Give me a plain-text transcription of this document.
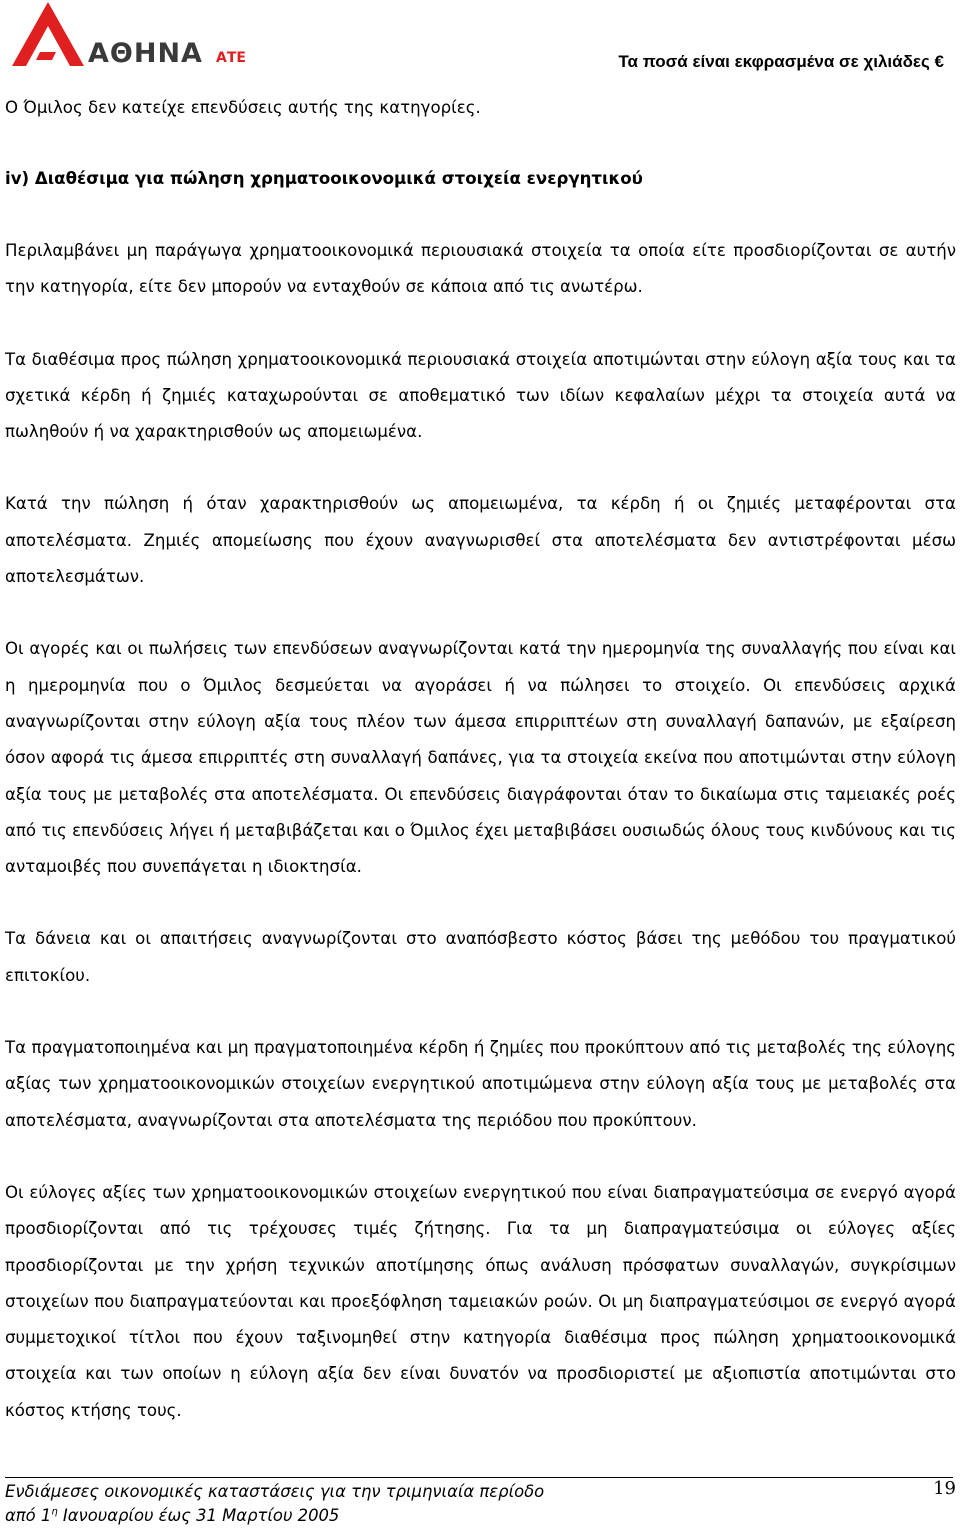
ΑΘΗΝΑ ΑΤΕ	Τα ποσά είναι εκφρασμένα σε χιλιάδες €

Ο Όμιλος δεν κατείχε επενδύσεις αυτής της κατηγορίες.

iv) Διαθέσιμα για πώληση χρηματοοικονομικά στοιχεία ενεργητικού

Περιλαμβάνει μη παράγωγα χρηματοοικονομικά περιουσιακά στοιχεία τα οποία είτε προσδιορίζονται σε αυτήν την κατηγορία, είτε δεν μπορούν να ενταχθούν σε κάποια από τις ανωτέρω.

Τα διαθέσιμα προς πώληση χρηματοοικονομικά περιουσιακά στοιχεία αποτιμώνται στην εύλογη αξία τους και τα σχετικά κέρδη ή ζημιές καταχωρούνται σε αποθεματικό των ιδίων κεφαλαίων μέχρι τα στοιχεία αυτά να πωληθούν ή να χαρακτηρισθούν ως απομειωμένα.

Κατά την πώληση ή όταν χαρακτηρισθούν ως απομειωμένα, τα κέρδη ή οι ζημιές μεταφέρονται στα αποτελέσματα. Ζημιές απομείωσης που έχουν αναγνωρισθεί στα αποτελέσματα δεν αντιστρέφονται μέσω αποτελεσμάτων.

Οι αγορές και οι πωλήσεις των επενδύσεων αναγνωρίζονται κατά την ημερομηνία της συναλλαγής που είναι και η ημερομηνία που ο Όμιλος δεσμεύεται να αγοράσει ή να πώλησει το στοιχείο. Οι επενδύσεις αρχικά αναγνωρίζονται στην εύλογη αξία τους πλέον των άμεσα επιρριπτέων στη συναλλαγή δαπανών, με εξαίρεση όσον αφορά τις άμεσα επιρριπτές στη συναλλαγή δαπάνες, για τα στοιχεία εκείνα που αποτιμώνται στην εύλογη αξία τους με μεταβολές στα αποτελέσματα. Οι επενδύσεις διαγράφονται όταν το δικαίωμα στις ταμειακές ροές από τις επενδύσεις λήγει ή μεταβιβάζεται και ο Όμιλος έχει μεταβιβάσει ουσιωδώς όλους τους κινδύνους και τις ανταμοιβές που συνεπάγεται η ιδιοκτησία.

Τα δάνεια και οι απαιτήσεις αναγνωρίζονται στο αναπόσβεστο κόστος βάσει της μεθόδου του πραγματικού επιτοκίου.

Τα πραγματοποιημένα και μη πραγματοποιημένα κέρδη ή ζημίες που προκύπτουν από τις μεταβολές της εύλογης αξίας των χρηματοοικονομικών στοιχείων ενεργητικού αποτιμώμενα στην εύλογη αξία τους με μεταβολές στα αποτελέσματα, αναγνωρίζονται στα αποτελέσματα της περιόδου που προκύπτουν.

Οι εύλογες αξίες των χρηματοοικονομικών στοιχείων ενεργητικού που είναι διαπραγματεύσιμα σε ενεργό αγορά προσδιορίζονται από τις τρέχουσες τιμές ζήτησης. Για τα μη διαπραγματεύσιμα οι εύλογες αξίες προσδιορίζονται με την χρήση τεχνικών αποτίμησης όπως ανάλυση πρόσφατων συναλλαγών, συγκρίσιμων στοιχείων που διαπραγματεύονται και προεξόφληση ταμειακών ροών. Οι μη διαπραγματεύσιμοι σε ενεργό αγορά συμμετοχικοί τίτλοι που έχουν ταξινομηθεί στην κατηγορία διαθέσιμα προς πώληση χρηματοοικονομικά στοιχεία και των οποίων η εύλογη αξία δεν είναι δυνατόν να προσδιοριστεί με αξιοπιστία αποτιμώνται στο κόστος κτήσης τους.

Ενδιάμεσες οικονομικές καταστάσεις για την τριμηνιαία περίοδο
από $1^\eta$ Ιανουαρίου έως 31 Μαρτίου 2005
19
